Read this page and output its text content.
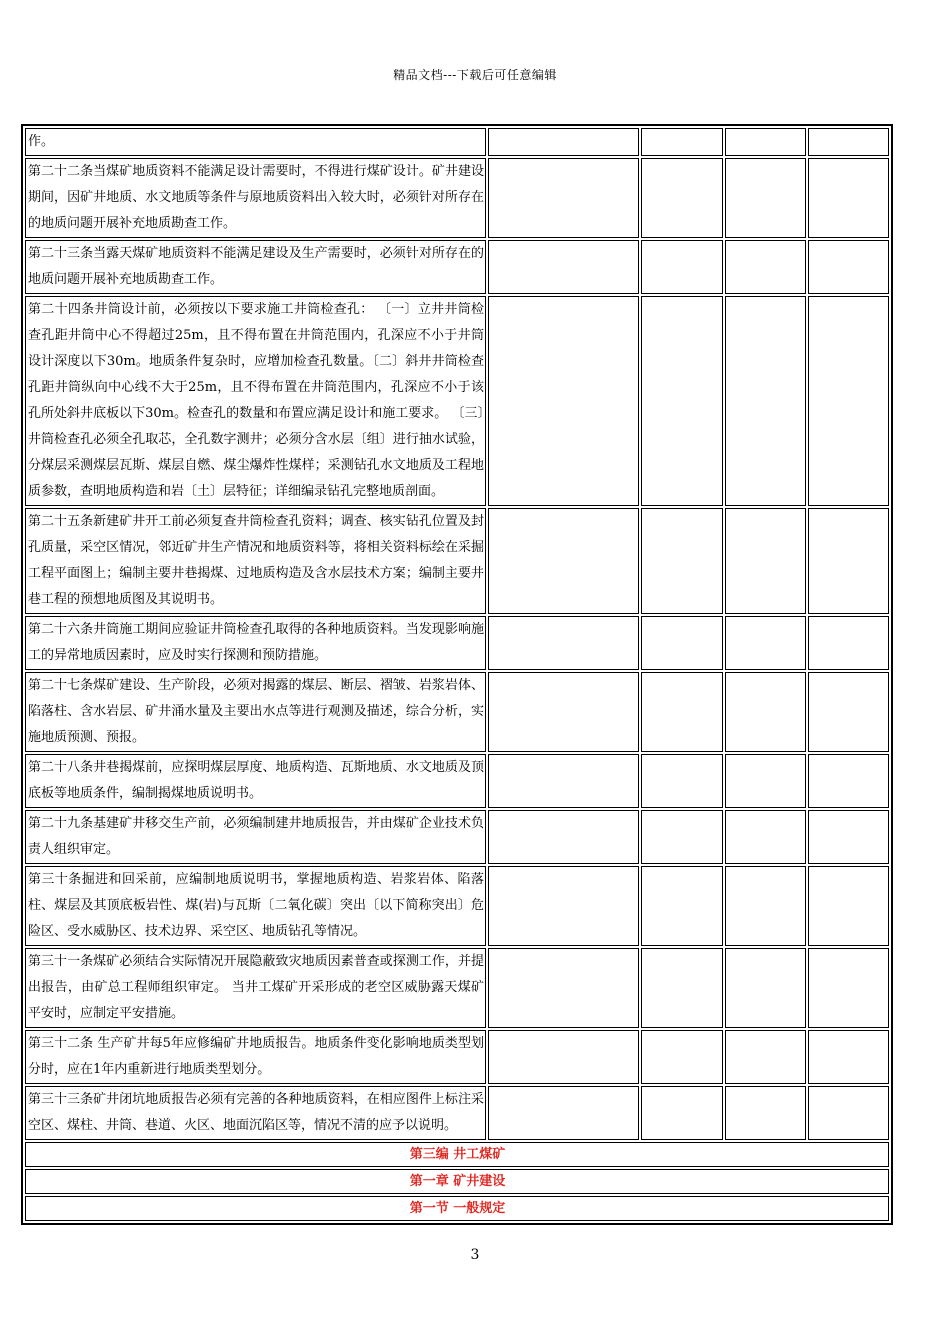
精品文档---下载后可任意编辑
作。				
第二十二条当煤矿地质资料不能满足设计需要时，不得进行煤矿设计。矿井建设期间，因矿井地质、水文地质等条件与原地质资料出入较大时，必须针对所存在的地质问题开展补充地质勘查工作。				
第二十三条当露天煤矿地质资料不能满足建设及生产需要时，必须针对所存在的地质问题开展补充地质勘查工作。				
第二十四条井筒设计前，必须按以下要求施工井筒检查孔： 〔一〕立井井筒检查孔距井筒中心不得超过25m，且不得布置在井筒范围内，孔深应不小于井筒设计深度以下30m。地质条件复杂时，应增加检查孔数量。〔二〕斜井井筒检查孔距井筒纵向中心线不大于25m，且不得布置在井筒范围内，孔深应不小于该孔所处斜井底板以下30m。检查孔的数量和布置应满足设计和施工要求。 〔三〕井筒检查孔必须全孔取芯，全孔数字测井；必须分含水层〔组〕进行抽水试验，分煤层采测煤层瓦斯、煤层自燃、煤尘爆炸性煤样；采测钻孔水文地质及工程地质参数，查明地质构造和岩〔土〕层特征；详细编录钻孔完整地质剖面。				
第二十五条新建矿井开工前必须复查井筒检查孔资料；调查、核实钻孔位置及封孔质量，采空区情况，邻近矿井生产情况和地质资料等，将相关资料标绘在采掘工程平面图上；编制主要井巷揭煤、过地质构造及含水层技术方案；编制主要井巷工程的预想地质图及其说明书。				
第二十六条井筒施工期间应验证井筒检查孔取得的各种地质资料。当发现影响施工的异常地质因素时，应及时实行探测和预防措施。				
第二十七条煤矿建设、生产阶段，必须对揭露的煤层、断层、褶皱、岩浆岩体、陷落柱、含水岩层、矿井涌水量及主要出水点等进行观测及描述，综合分析，实施地质预测、预报。				
第二十八条井巷揭煤前，应探明煤层厚度、地质构造、瓦斯地质、水文地质及顶底板等地质条件，编制揭煤地质说明书。				
第二十九条基建矿井移交生产前，必须编制建井地质报告，并由煤矿企业技术负责人组织审定。				
第三十条掘进和回采前，应编制地质说明书，掌握地质构造、岩浆岩体、陷落柱、煤层及其顶底板岩性、煤(岩)与瓦斯〔二氧化碳〕突出〔以下简称突出〕危险区、受水威胁区、技术边界、采空区、地质钻孔等情况。				
第三十一条煤矿必须结合实际情况开展隐蔽致灾地质因素普查或探测工作，并提出报告，由矿总工程师组织审定。 当井工煤矿开采形成的老空区威胁露天煤矿平安时，应制定平安措施。				
第三十二条 生产矿井每5年应修编矿井地质报告。地质条件变化影响地质类型划分时，应在1年内重新进行地质类型划分。				
第三十三条矿井闭坑地质报告必须有完善的各种地质资料，在相应图件上标注采空区、煤柱、井筒、巷道、火区、地面沉陷区等，情况不清的应予以说明。				
第三编 井工煤矿				
第一章 矿井建设				
第一节 一般规定				
3
